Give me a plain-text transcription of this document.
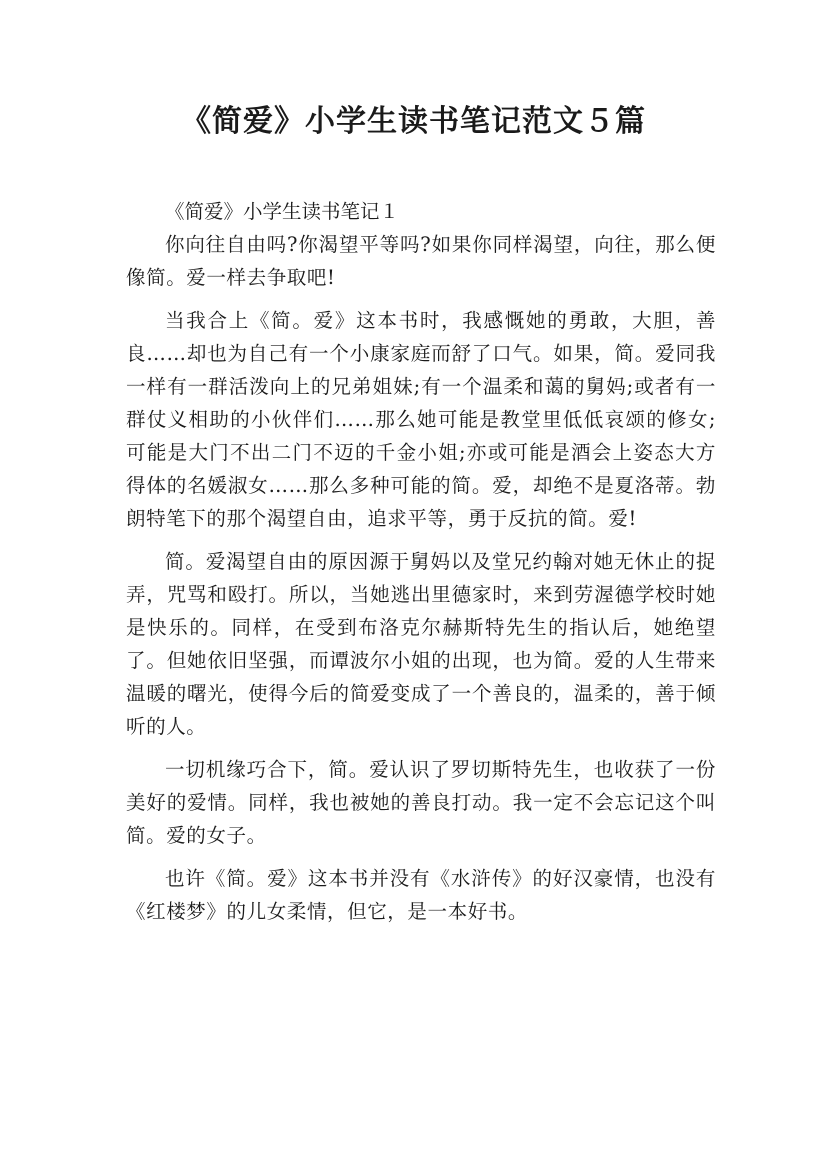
《简爱》小学生读书笔记范文５篇

《简爱》小学生读书笔记１

你向往自由吗?你渴望平等吗?如果你同样渴望，向往，那么便像简。爱一样去争取吧!

当我合上《简。爱》这本书时，我感慨她的勇敢，大胆，善良……却也为自己有一个小康家庭而舒了口气。如果，简。爱同我一样有一群活泼向上的兄弟姐妹;有一个温柔和蔼的舅妈;或者有一群仗义相助的小伙伴们……那么她可能是教堂里低低哀颂的修女;可能是大门不出二门不迈的千金小姐;亦或可能是酒会上姿态大方得体的名媛淑女……那么多种可能的简。爱，却绝不是夏洛蒂。勃朗特笔下的那个渴望自由，追求平等，勇于反抗的简。爱!

简。爱渴望自由的原因源于舅妈以及堂兄约翰对她无休止的捉弄，咒骂和殴打。所以，当她逃出里德家时，来到劳渥德学校时她是快乐的。同样，在受到布洛克尔赫斯特先生的指认后，她绝望了。但她依旧坚强，而谭波尔小姐的出现，也为简。爱的人生带来温暖的曙光，使得今后的简爱变成了一个善良的，温柔的，善于倾听的人。

一切机缘巧合下，简。爱认识了罗切斯特先生，也收获了一份美好的爱情。同样，我也被她的善良打动。我一定不会忘记这个叫简。爱的女子。

也许《简。爱》这本书并没有《水浒传》的好汉豪情，也没有《红楼梦》的儿女柔情，但它，是一本好书。
